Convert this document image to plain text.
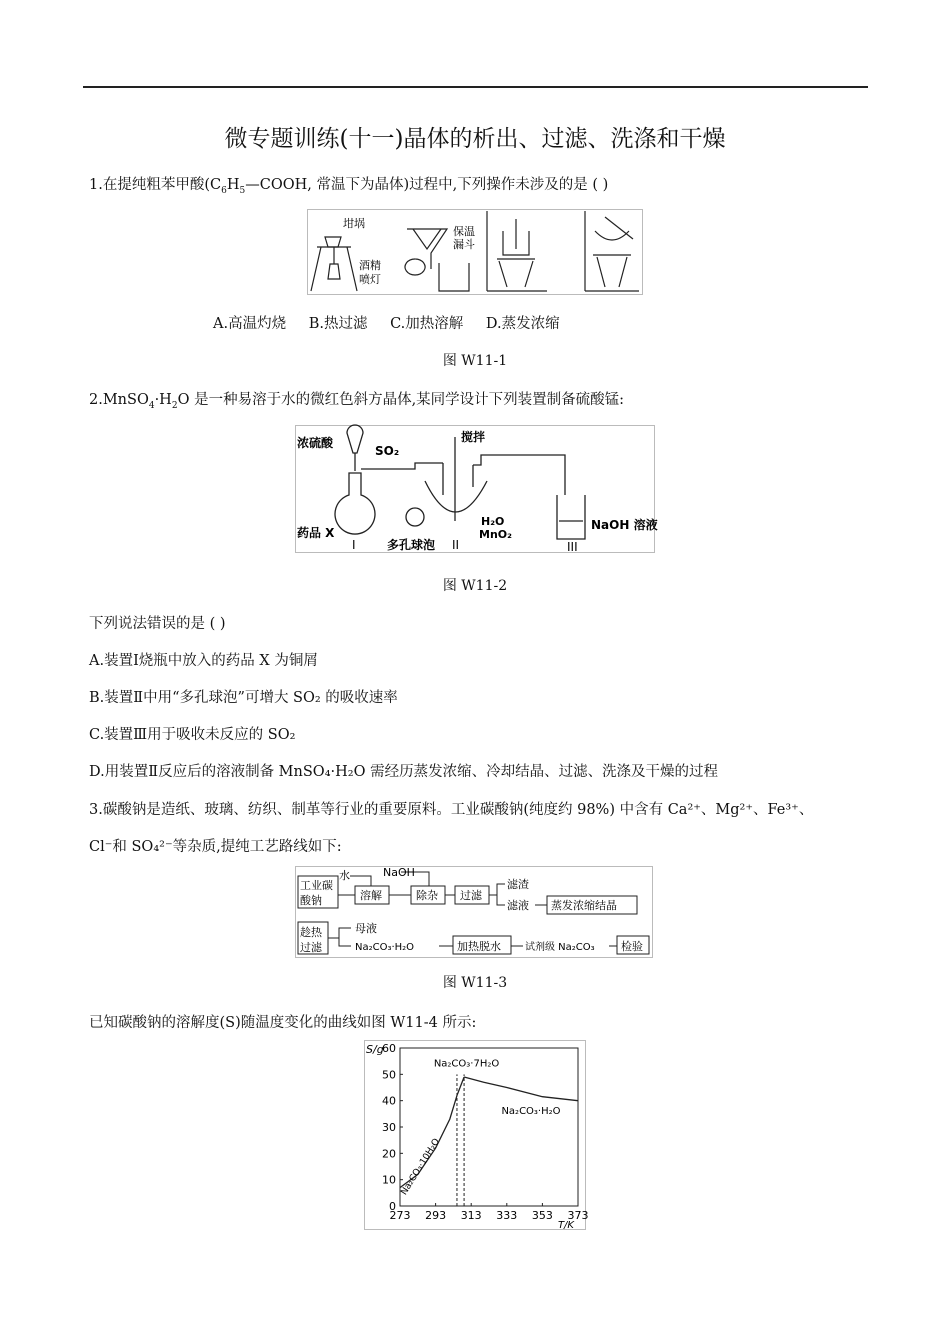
微专题训练(十一)晶体的析出、过滤、洗涤和干燥
1.在提纯粗苯甲酸($C_6H_5—COOH$, 常温下为晶体)过程中,下列操作未涉及的是 ( )
坩埚
酒精
喷灯
保温
漏斗
A.高温灼烧 B.热过滤 C.加热溶解 D.蒸发浓缩
图 W11-1
$2.MnSO_4\cdot H_2O$ 是一种易溶于水的微红色斜方晶体,某同学设计下列装置制备硫酸锰:
浓硫酸
SO₂
搅拌
药品 X
多孔球泡
H₂O
MnO₂
NaOH 溶液
I	II	III
图 W11-2
下列说法错误的是 ( )
A.装置Ⅰ烧瓶中放入的药品 X 为铜屑
B.装置Ⅱ中用“多孔球泡”可增大 SO₂ 的吸收速率
C.装置Ⅲ用于吸收未反应的 SO₂
D.用装置Ⅱ反应后的溶液制备 MnSO₄·H₂O 需经历蒸发浓缩、冷却结晶、过滤、洗涤及干燥的过程
3.碳酸钠是造纸、玻璃、纺织、制革等行业的重要原料。工业碳酸钠(纯度约 98%) 中含有 Ca²⁺、Mg²⁺、Fe³⁺、
Cl⁻和 SO₄²⁻等杂质,提纯工艺路线如下:
工业碳
酸钠
水	NaOH
溶解	除杂 过滤
滤渣
滤液 蒸发浓缩结晶
趁热
过滤
母液
Na₂CO₃·H₂O	加热脱水 试剂级 Na₂CO₃ 检验
图 W11-3
已知碳酸钠的溶解度(S)随温度变化的曲线如图 W11-4 所示:
0
10
20
30
40
50
60
273 293 313 333 353 373
S/g
T/K
Na₂CO₃·10H₂O
Na₂CO₃·7H₂O
Na₂CO₃·H₂O
